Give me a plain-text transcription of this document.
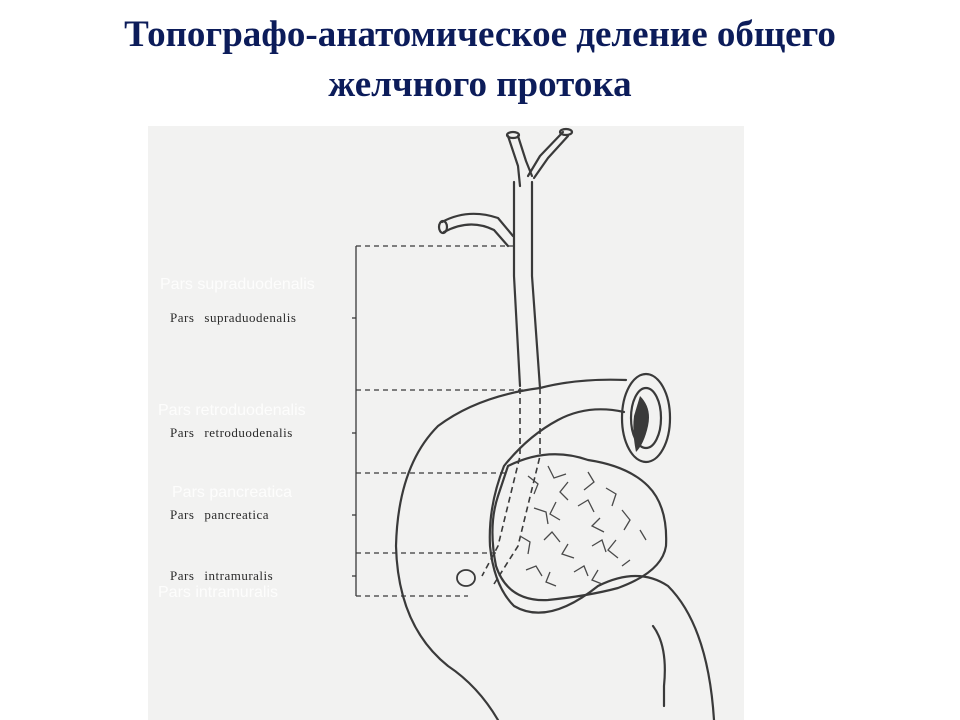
Топографо-анатомическое деление общего
желчного протока
Pars supraduodenalis
Pars retroduodenalis
Pars pancreatica
Pars intramuralis
Pars supraduodenalis
Pars retroduodenalis
Pars pancreatica
Pars intramuralis
